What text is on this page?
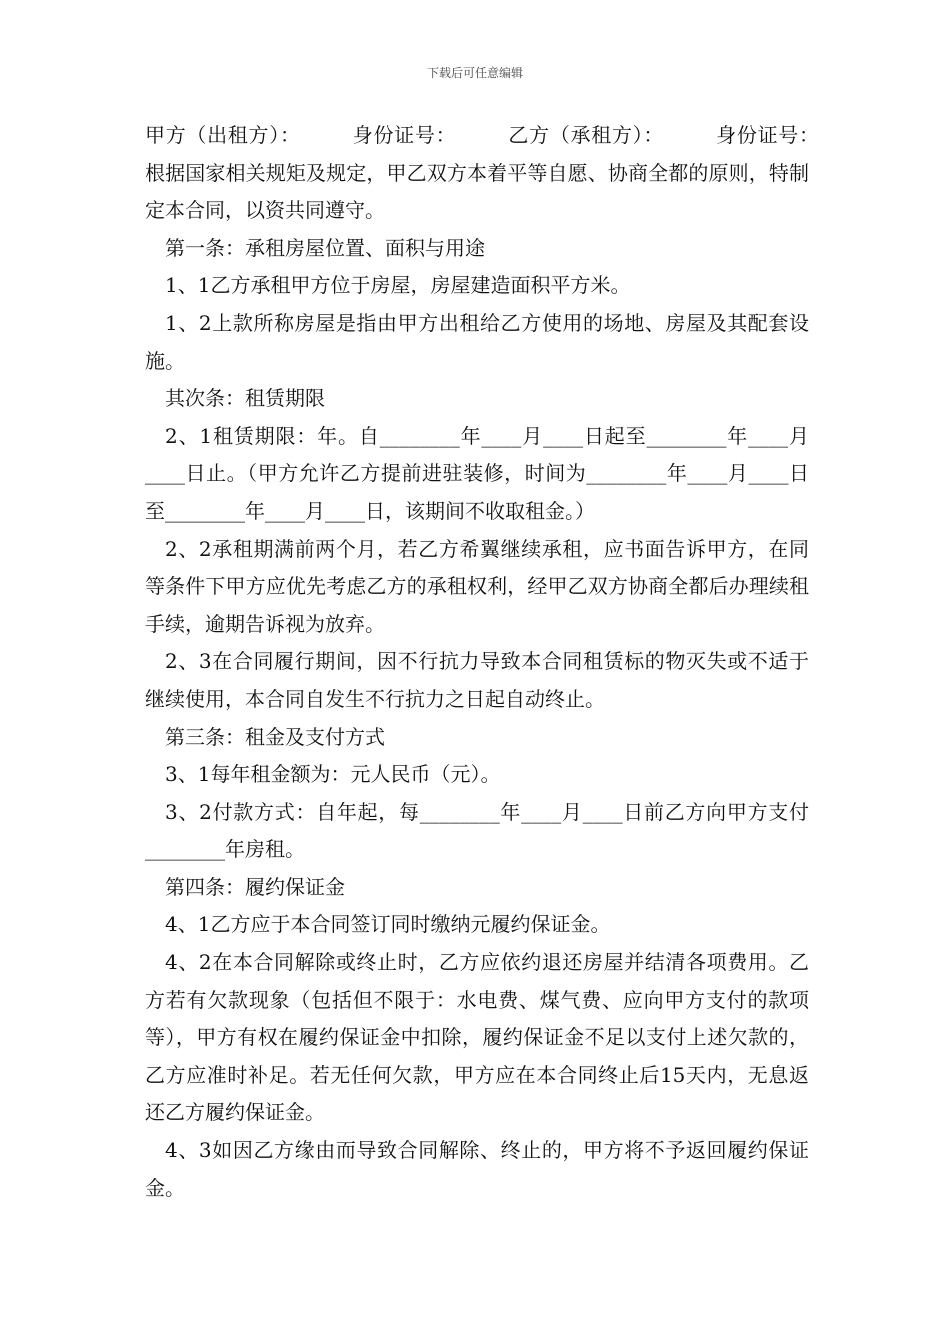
下载后可任意编辑

甲方（出租方）：　　　身份证号：　　　乙方（承租方）：　　　身份证号：　　　根据国家相关规矩及规定，甲乙双方本着平等自愿、协商全都的原则，特制定本合同，以资共同遵守。

第一条：承租房屋位置、面积与用途

1、1乙方承租甲方位于房屋，房屋建造面积平方米。

1、2上款所称房屋是指由甲方出租给乙方使用的场地、房屋及其配套设施。

其次条：租赁期限

2、1租赁期限：年。自________年____月____日起至________年____月____日止。（甲方允许乙方提前进驻装修，时间为________年____月____日至________年____月____日，该期间不收取租金。）

2、2承租期满前两个月，若乙方希翼继续承租，应书面告诉甲方，在同等条件下甲方应优先考虑乙方的承租权利，经甲乙双方协商全都后办理续租手续，逾期告诉视为放弃。

2、3在合同履行期间，因不行抗力导致本合同租赁标的物灭失或不适于继续使用，本合同自发生不行抗力之日起自动终止。

第三条：租金及支付方式

3、1每年租金额为：元人民币（元）。

3、2付款方式：自年起，每________年____月____日前乙方向甲方支付________年房租。

第四条：履约保证金

4、1乙方应于本合同签订同时缴纳元履约保证金。

4、2在本合同解除或终止时，乙方应依约退还房屋并结清各项费用。乙方若有欠款现象（包括但不限于：水电费、煤气费、应向甲方支付的款项等），甲方有权在履约保证金中扣除，履约保证金不足以支付上述欠款的，乙方应准时补足。若无任何欠款，甲方应在本合同终止后15天内，无息返还乙方履约保证金。

4、3如因乙方缘由而导致合同解除、终止的，甲方将不予返回履约保证金。
